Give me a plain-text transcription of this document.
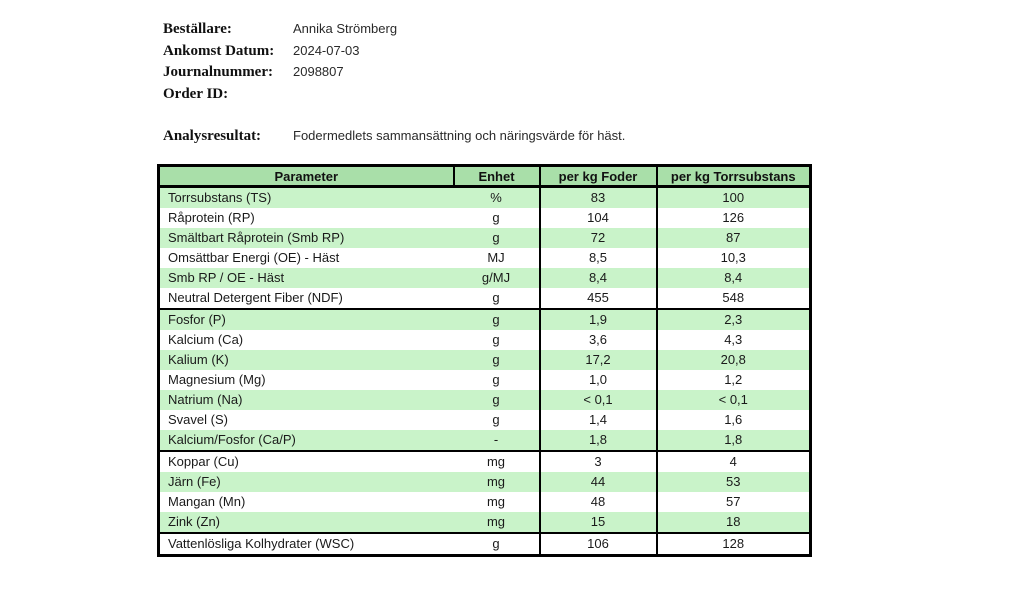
Beställare:	Annika Strömberg
Ankomst Datum:	2024-07-03
Journalnummer:	2098807
Order ID:
Analysresultat:	Fodermedlets sammansättning och näringsvärde för häst.
Parameter	Enhet	per kg Foder	per kg Torrsubstans
Torrsubstans (TS)	%	83	100
Råprotein (RP)	g	104	126
Smältbart Råprotein (Smb RP)	g	72	87
Omsättbar Energi (OE) - Häst	MJ	8,5	10,3
Smb RP / OE - Häst	g/MJ	8,4	8,4
Neutral Detergent Fiber (NDF)	g	455	548
Fosfor (P)	g	1,9	2,3
Kalcium (Ca)	g	3,6	4,3
Kalium (K)	g	17,2	20,8
Magnesium (Mg)	g	1,0	1,2
Natrium (Na)	g	< 0,1	< 0,1
Svavel (S)	g	1,4	1,6
Kalcium/Fosfor (Ca/P)	-	1,8	1,8
Koppar (Cu)	mg	3	4
Järn (Fe)	mg	44	53
Mangan (Mn)	mg	48	57
Zink (Zn)	mg	15	18
Vattenlösliga Kolhydrater (WSC)	g	106	128
